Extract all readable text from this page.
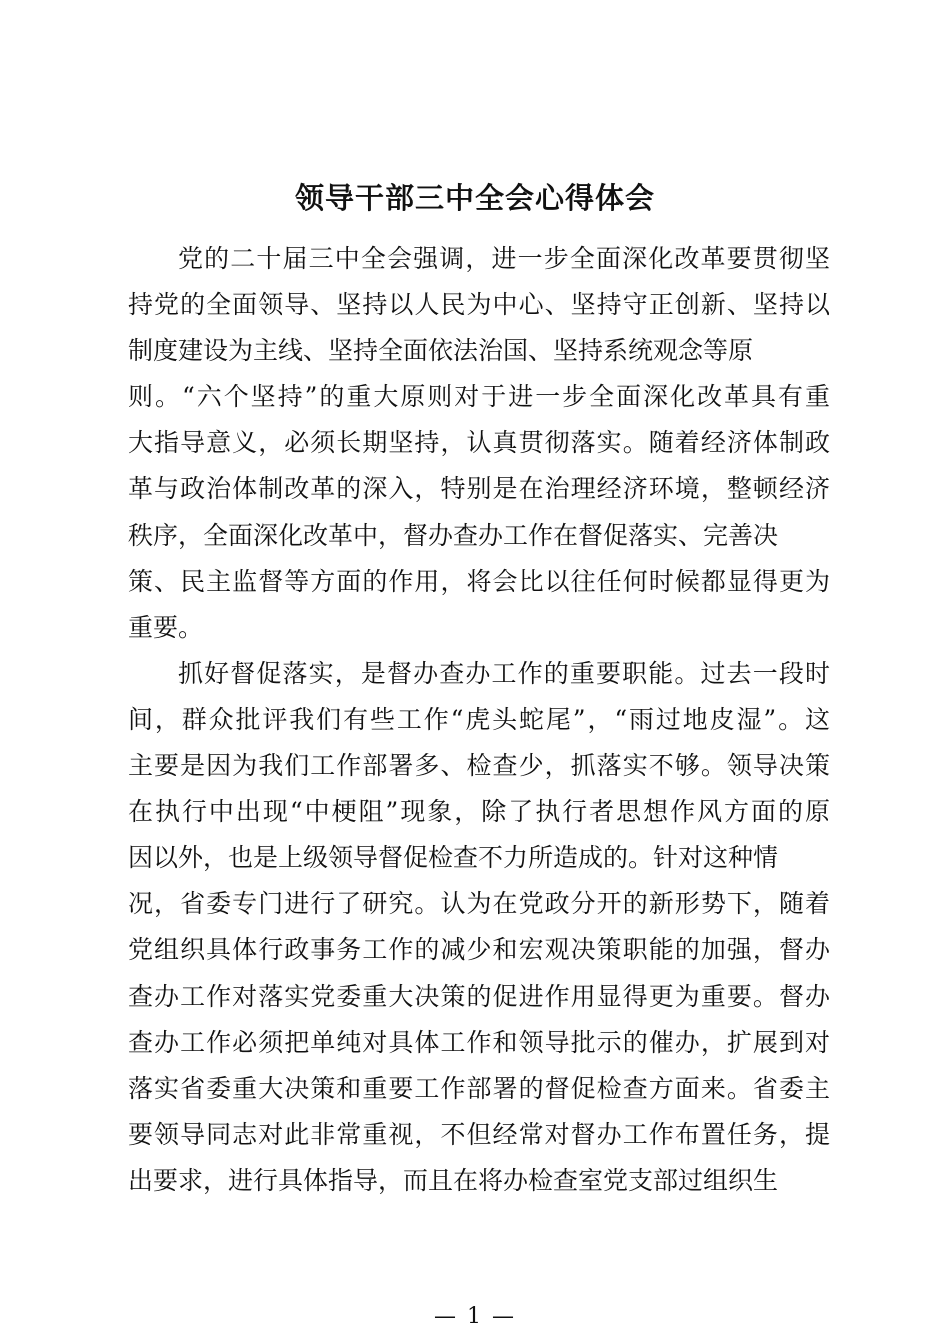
领导干部三中全会心得体会
党的二十届三中全会强调，进一步全面深化改革要贯彻坚
持党的全面领导、坚持以人民为中心、坚持守正创新、坚持以
制度建设为主线、坚持全面依法治国、坚持系统观念等原
则。“六个坚持”的重大原则对于进一步全面深化改革具有重
大指导意义，必须长期坚持，认真贯彻落实。随着经济体制政
革与政治体制改革的深入，特别是在治理经济环境，整顿经济
秩序，全面深化改革中，督办查办工作在督促落实、完善决
策、民主监督等方面的作用，将会比以往任何时候都显得更为
重要。
抓好督促落实，是督办查办工作的重要职能。过去一段时
间，群众批评我们有些工作“虎头蛇尾”，“雨过地皮湿”。这
主要是因为我们工作部署多、检查少，抓落实不够。领导决策
在执行中出现“中梗阻”现象，除了执行者思想作风方面的原
因以外，也是上级领导督促检查不力所造成的。针对这种情
况，省委专门进行了研究。认为在党政分开的新形势下，随着
党组织具体行政事务工作的减少和宏观决策职能的加强，督办
查办工作对落实党委重大决策的促进作用显得更为重要。督办
查办工作必须把单纯对具体工作和领导批示的催办，扩展到对
落实省委重大决策和重要工作部署的督促检查方面来。省委主
要领导同志对此非常重视，不但经常对督办工作布置任务，提
出要求，进行具体指导，而且在将办检查室党支部过组织生
— 1 —
